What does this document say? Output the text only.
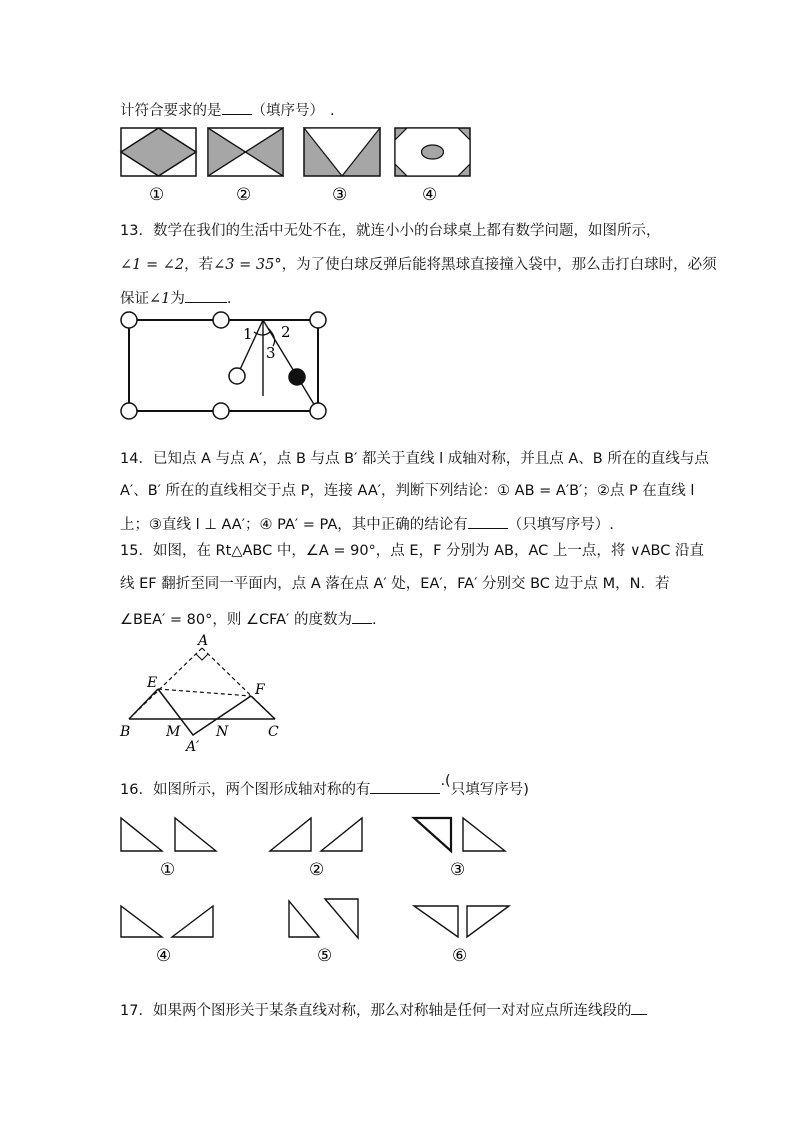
计符合要求的是 （填序号） .
①	②	③	④
13．数学在我们的生活中无处不在，就连小小的台球桌上都有数学问题，如图所示，
∠1 = ∠2，若∠3 = 35°，为了使白球反弹后能将黑球直接撞入袋中，那么击打白球时，必须
保证∠1为	.
1 2
3
14．已知点 A 与点 A′，点 B 与点 B′ 都关于直线 l 成轴对称，并且点 A、B 所在的直线与点
A′、B′ 所在的直线相交于点 P，连接 AA′，判断下列结论：① AB = A′B′；②点 P 在直线 l
上；③直线 l ⊥ AA′；④ PA′ = PA，其中正确的结论有	（只填写序号）.
15．如图，在 Rt△ABC 中，∠A = 90°，点 E，F 分别为 AB，AC 上一点，将 ∨ABC 沿直
线 EF 翻折至同一平面内，点 A 落在点 A′ 处，EA′，FA′ 分别交 BC 边于点 M，N．若
∠BEA′ = 80°，则 ∠CFA′ 的度数为 .
A
E	F
B	M	N	C
A′
16．如图所示，两个图形成轴对称的有.(只填写序号)
①	②	③
④	⑤	⑥
17．如果两个图形关于某条直线对称，那么对称轴是任何一对对应点所连线段的
